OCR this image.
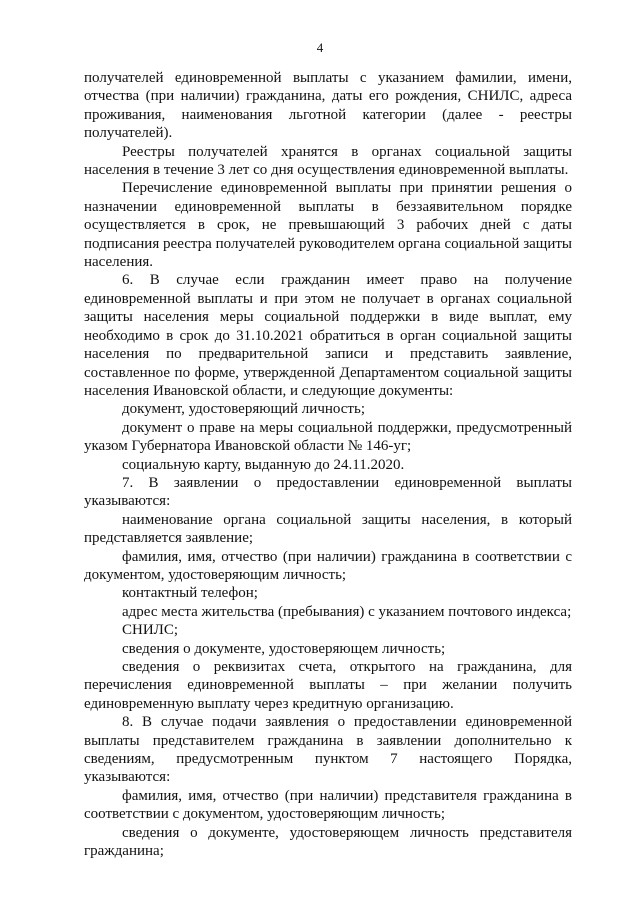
4

получателей единовременной выплаты с указанием фамилии, имени, отчества (при наличии) гражданина, даты его рождения, СНИЛС, адреса проживания, наименования льготной категории (далее - реестры получателей).

Реестры получателей хранятся в органах социальной защиты населения в течение 3 лет со дня осуществления единовременной выплаты.

Перечисление единовременной выплаты при принятии решения о назначении единовременной выплаты в беззаявительном порядке осуществляется в срок, не превышающий 3 рабочих дней с даты подписания реестра получателей руководителем органа социальной защиты населения.

6. В случае если гражданин имеет право на получение единовременной выплаты и при этом не получает в органах социальной защиты населения меры социальной поддержки в виде выплат, ему необходимо в срок до 31.10.2021 обратиться в орган социальной защиты населения по предварительной записи и представить заявление, составленное по форме, утвержденной Департаментом социальной защиты населения Ивановской области, и следующие документы:

документ, удостоверяющий личность;

документ о праве на меры социальной поддержки, предусмотренный указом Губернатора Ивановской области № 146-уг;

социальную карту, выданную до 24.11.2020.

7. В заявлении о предоставлении единовременной выплаты указываются:

наименование органа социальной защиты населения, в который представляется заявление;

фамилия, имя, отчество (при наличии) гражданина в соответствии с документом, удостоверяющим личность;

контактный телефон;

адрес места жительства (пребывания) с указанием почтового индекса;

СНИЛС;

сведения о документе, удостоверяющем личность;

сведения о реквизитах счета, открытого на гражданина, для перечисления единовременной выплаты – при желании получить единовременную выплату через кредитную организацию.

8. В случае подачи заявления о предоставлении единовременной выплаты представителем гражданина в заявлении дополнительно к сведениям, предусмотренным пунктом 7 настоящего Порядка, указываются:

фамилия, имя, отчество (при наличии) представителя гражданина в соответствии с документом, удостоверяющим личность;

сведения о документе, удостоверяющем личность представителя гражданина;
